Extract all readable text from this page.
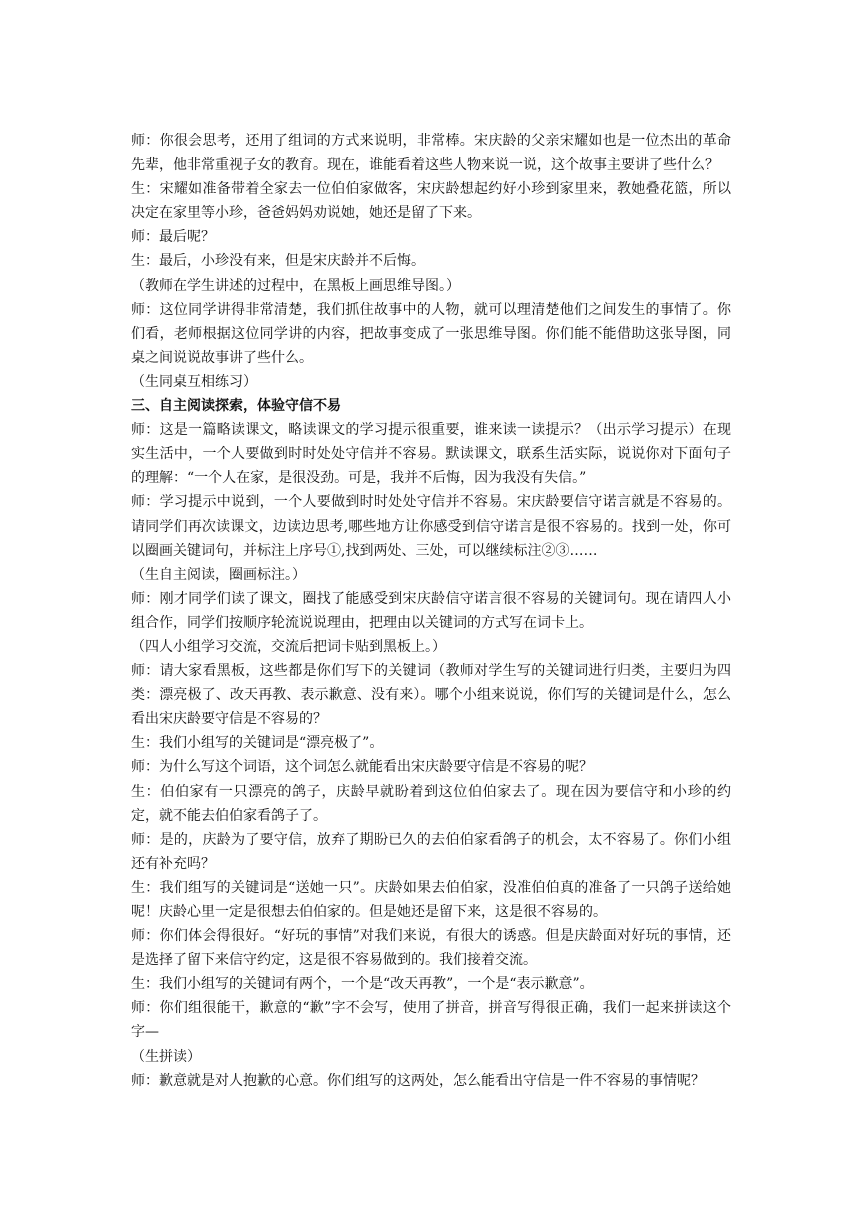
师：你很会思考，还用了组词的方式来说明，非常棒。宋庆龄的父亲宋耀如也是一位杰出的革命先辈，他非常重视子女的教育。现在，谁能看着这些人物来说一说，这个故事主要讲了些什么？

生：宋耀如准备带着全家去一位伯伯家做客，宋庆龄想起约好小珍到家里来，教她叠花篮，所以决定在家里等小珍，爸爸妈妈劝说她，她还是留了下来。

师：最后呢？

生：最后，小珍没有来，但是宋庆龄并不后悔。

（教师在学生讲述的过程中，在黑板上画思维导图。）

师：这位同学讲得非常清楚，我们抓住故事中的人物，就可以理清楚他们之间发生的事情了。你们看，老师根据这位同学讲的内容，把故事变成了一张思维导图。你们能不能借助这张导图，同桌之间说说故事讲了些什么。

（生同桌互相练习）

三、自主阅读探索，体验守信不易

师：这是一篇略读课文，略读课文的学习提示很重要，谁来读一读提示？（出示学习提示）在现实生活中，一个人要做到时时处处守信并不容易。默读课文，联系生活实际，说说你对下面句子的理解：“一个人在家，是很没劲。可是，我并不后悔，因为我没有失信。”

师：学习提示中说到，一个人要做到时时处处守信并不容易。宋庆龄要信守诺言就是不容易的。请同学们再次读课文，边读边思考,哪些地方让你感受到信守诺言是很不容易的。找到一处，你可以圈画关键词句，并标注上序号①,找到两处、三处，可以继续标注②③……

（生自主阅读，圈画标注。）

师：刚才同学们读了课文，圈找了能感受到宋庆龄信守诺言很不容易的关键词句。现在请四人小组合作，同学们按顺序轮流说说理由，把理由以关键词的方式写在词卡上。

（四人小组学习交流，交流后把词卡贴到黑板上。）

师：请大家看黑板，这些都是你们写下的关键词（教师对学生写的关键词进行归类，主要归为四类：漂亮极了、改天再教、表示歉意、没有来）。哪个小组来说说，你们写的关键词是什么，怎么看出宋庆龄要守信是不容易的？

生：我们小组写的关键词是“漂亮极了”。

师：为什么写这个词语，这个词怎么就能看出宋庆龄要守信是不容易的呢？

生：伯伯家有一只漂亮的鸽子，庆龄早就盼着到这位伯伯家去了。现在因为要信守和小珍的约定，就不能去伯伯家看鸽子了。

师：是的，庆龄为了要守信，放弃了期盼已久的去伯伯家看鸽子的机会，太不容易了。你们小组还有补充吗？

生：我们组写的关键词是“送她一只”。庆龄如果去伯伯家，没准伯伯真的准备了一只鸽子送给她呢！庆龄心里一定是很想去伯伯家的。但是她还是留下来，这是很不容易的。

师：你们体会得很好。“好玩的事情”对我们来说，有很大的诱惑。但是庆龄面对好玩的事情，还是选择了留下来信守约定，这是很不容易做到的。我们接着交流。

生：我们小组写的关键词有两个，一个是“改天再教”，一个是“表示歉意”。

师：你们组很能干，歉意的“歉”字不会写，使用了拼音，拼音写得很正确，我们一起来拼读这个字—

（生拼读）

师：歉意就是对人抱歉的心意。你们组写的这两处，怎么能看出守信是一件不容易的事情呢？
